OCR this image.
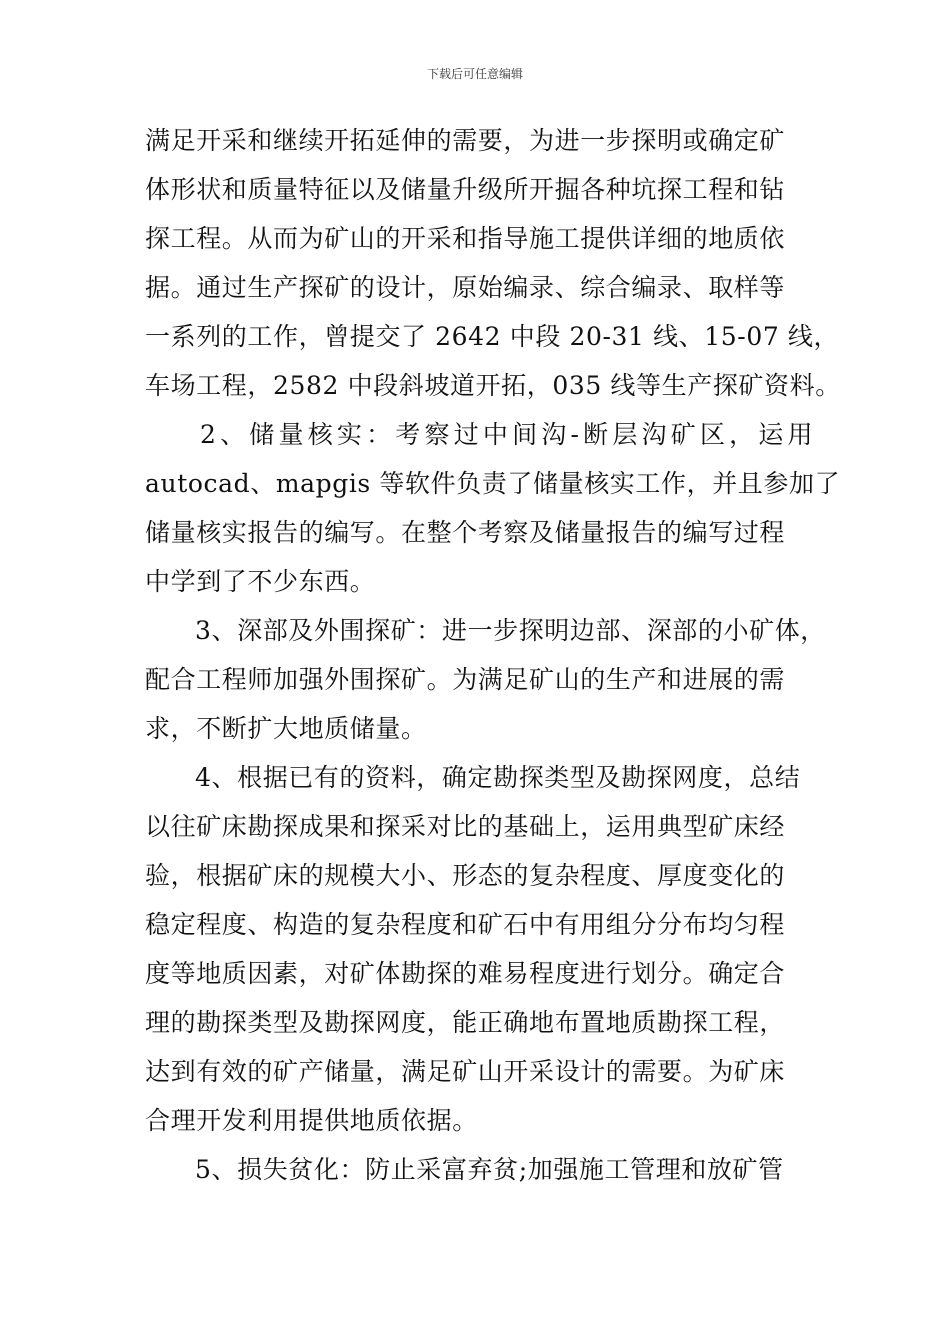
下载后可任意编辑
满足开采和继续开拓延伸的需要，为进一步探明或确定矿
体形状和质量特征以及储量升级所开掘各种坑探工程和钻
探工程。从而为矿山的开采和指导施工提供详细的地质依
据。通过生产探矿的设计，原始编录、综合编录、取样等
一系列的工作，曾提交了 2642 中段 20-31 线、15-07 线，
车场工程，2582 中段斜坡道开拓，035 线等生产探矿资料。
2、储量核实：考察过中间沟-断层沟矿区，运用
autocad、mapgis 等软件负责了储量核实工作，并且参加了
储量核实报告的编写。在整个考察及储量报告的编写过程
中学到了不少东西。
3、深部及外围探矿：进一步探明边部、深部的小矿体，
配合工程师加强外围探矿。为满足矿山的生产和进展的需
求，不断扩大地质储量。
4、根据已有的资料，确定勘探类型及勘探网度，总结
以往矿床勘探成果和探采对比的基础上，运用典型矿床经
验，根据矿床的规模大小、形态的复杂程度、厚度变化的
稳定程度、构造的复杂程度和矿石中有用组分分布均匀程
度等地质因素，对矿体勘探的难易程度进行划分。确定合
理的勘探类型及勘探网度，能正确地布置地质勘探工程，
达到有效的矿产储量，满足矿山开采设计的需要。为矿床
合理开发利用提供地质依据。
5、损失贫化：防止采富弃贫;加强施工管理和放矿管
